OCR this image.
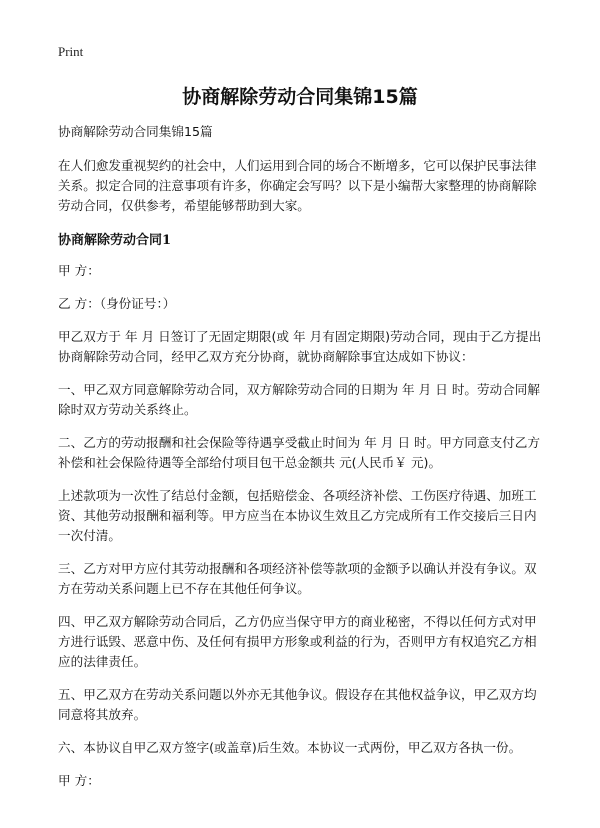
Print
协商解除劳动合同集锦15篇

协商解除劳动合同集锦15篇

在人们愈发重视契约的社会中，人们运用到合同的场合不断增多，它可以保护民事法律关系。拟定合同的注意事项有许多，你确定会写吗？以下是小编帮大家整理的协商解除劳动合同，仅供参考，希望能够帮助到大家。

协商解除劳动合同1

甲 方：

乙 方：（身份证号：）

甲乙双方于 年 月 日签订了无固定期限(或 年 月有固定期限)劳动合同，现由于乙方提出协商解除劳动合同，经甲乙双方充分协商，就协商解除事宜达成如下协议：

一、甲乙双方同意解除劳动合同，双方解除劳动合同的日期为 年 月 日 时。劳动合同解除时双方劳动关系终止。

二、乙方的劳动报酬和社会保险等待遇享受截止时间为 年 月 日 时。甲方同意支付乙方补偿和社会保险待遇等全部给付项目包干总金额共 元(人民币￥ 元)。

上述款项为一次性了结总付金额，包括赔偿金、各项经济补偿、工伤医疗待遇、加班工资、其他劳动报酬和福利等。甲方应当在本协议生效且乙方完成所有工作交接后三日内一次付清。

三、乙方对甲方应付其劳动报酬和各项经济补偿等款项的金额予以确认并没有争议。双方在劳动关系问题上已不存在其他任何争议。

四、甲乙双方解除劳动合同后，乙方仍应当保守甲方的商业秘密，不得以任何方式对甲方进行诋毁、恶意中伤、及任何有损甲方形象或利益的行为，否则甲方有权追究乙方相应的法律责任。

五、甲乙双方在劳动关系问题以外亦无其他争议。假设存在其他权益争议，甲乙双方均同意将其放弃。

六、本协议自甲乙双方签字(或盖章)后生效。本协议一式两份，甲乙双方各执一份。

甲 方：
